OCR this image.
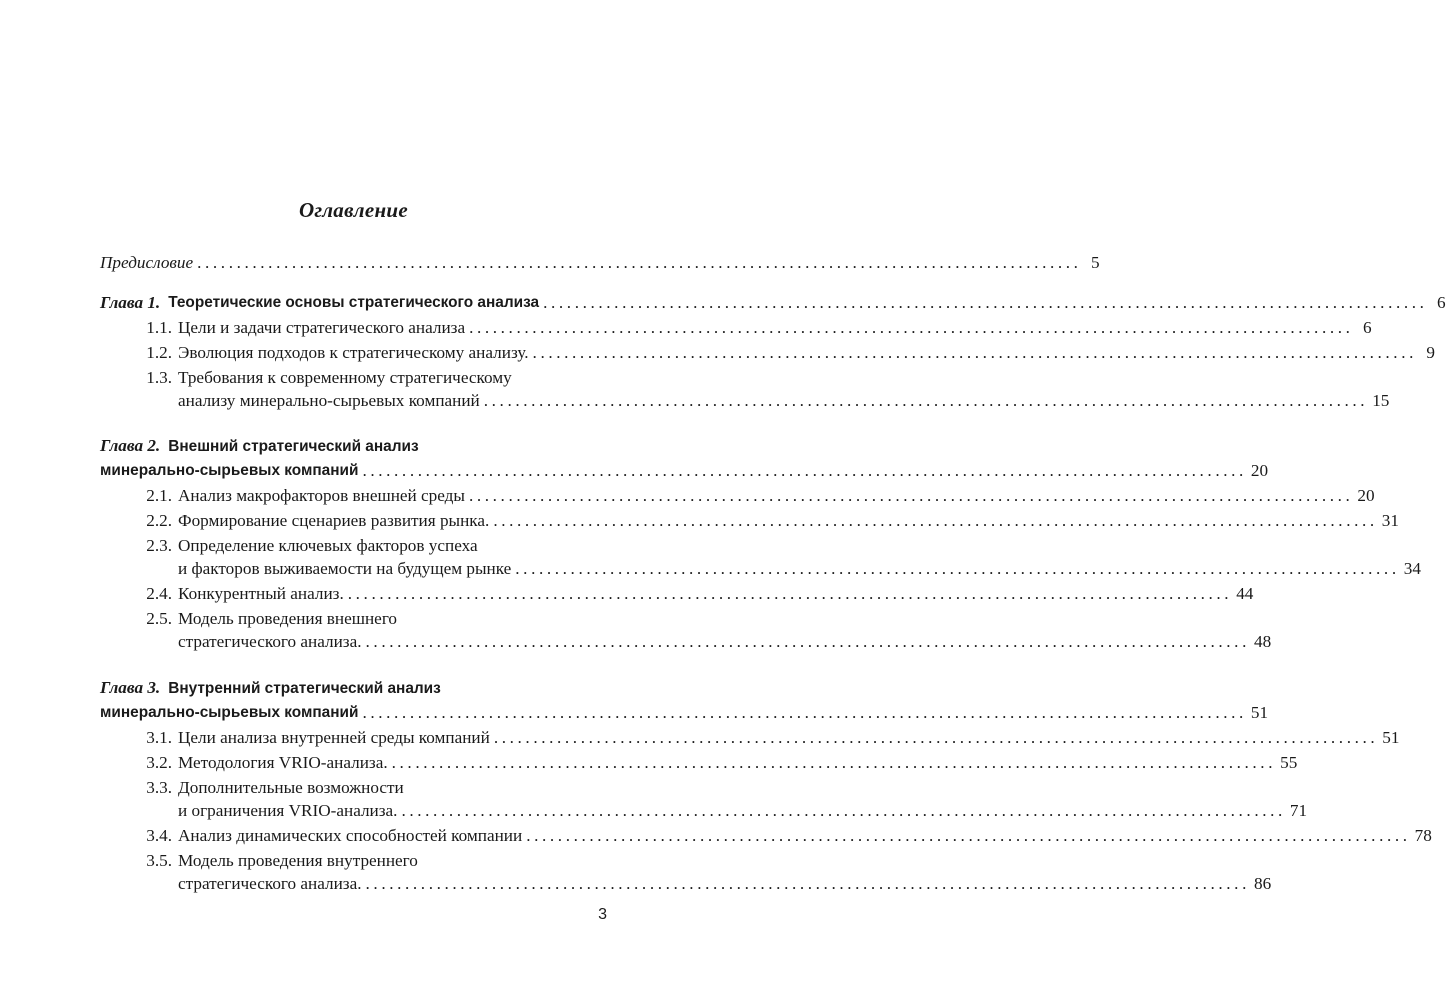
Оглавление
Предисловие ................................................................................................................ 5
Глава 1. Теоретические основы стратегического анализа ................................................................................................................ 6
1.1. Цели и задачи стратегического анализа ................................................................................................................ 6
1.2. Эволюция подходов к стратегическому анализу. ................................................................................................................ 9
1.3. Требования к современному стратегическому
анализу минерально-сырьевых компаний ................................................................................................................ 15
Глава 2. Внешний стратегический анализ
минерально-сырьевых компаний ................................................................................................................ 20
2.1. Анализ макрофакторов внешней среды ................................................................................................................ 20
2.2. Формирование сценариев развития рынка. ................................................................................................................ 31
2.3. Определение ключевых факторов успеха
и факторов выживаемости на будущем рынке ................................................................................................................ 34
2.4. Конкурентный анализ. ................................................................................................................ 44
2.5. Модель проведения внешнего
стратегического анализа. ................................................................................................................ 48
Глава 3. Внутренний стратегический анализ
минерально-сырьевых компаний ................................................................................................................ 51
3.1. Цели анализа внутренней среды компаний ................................................................................................................ 51
3.2. Методология VRIO-анализа. ................................................................................................................ 55
3.3. Дополнительные возможности
и ограничения VRIO-анализа. ................................................................................................................ 71
3.4. Анализ динамических способностей компании ................................................................................................................ 78
3.5. Модель проведения внутреннего
стратегического анализа. ................................................................................................................ 86
3
